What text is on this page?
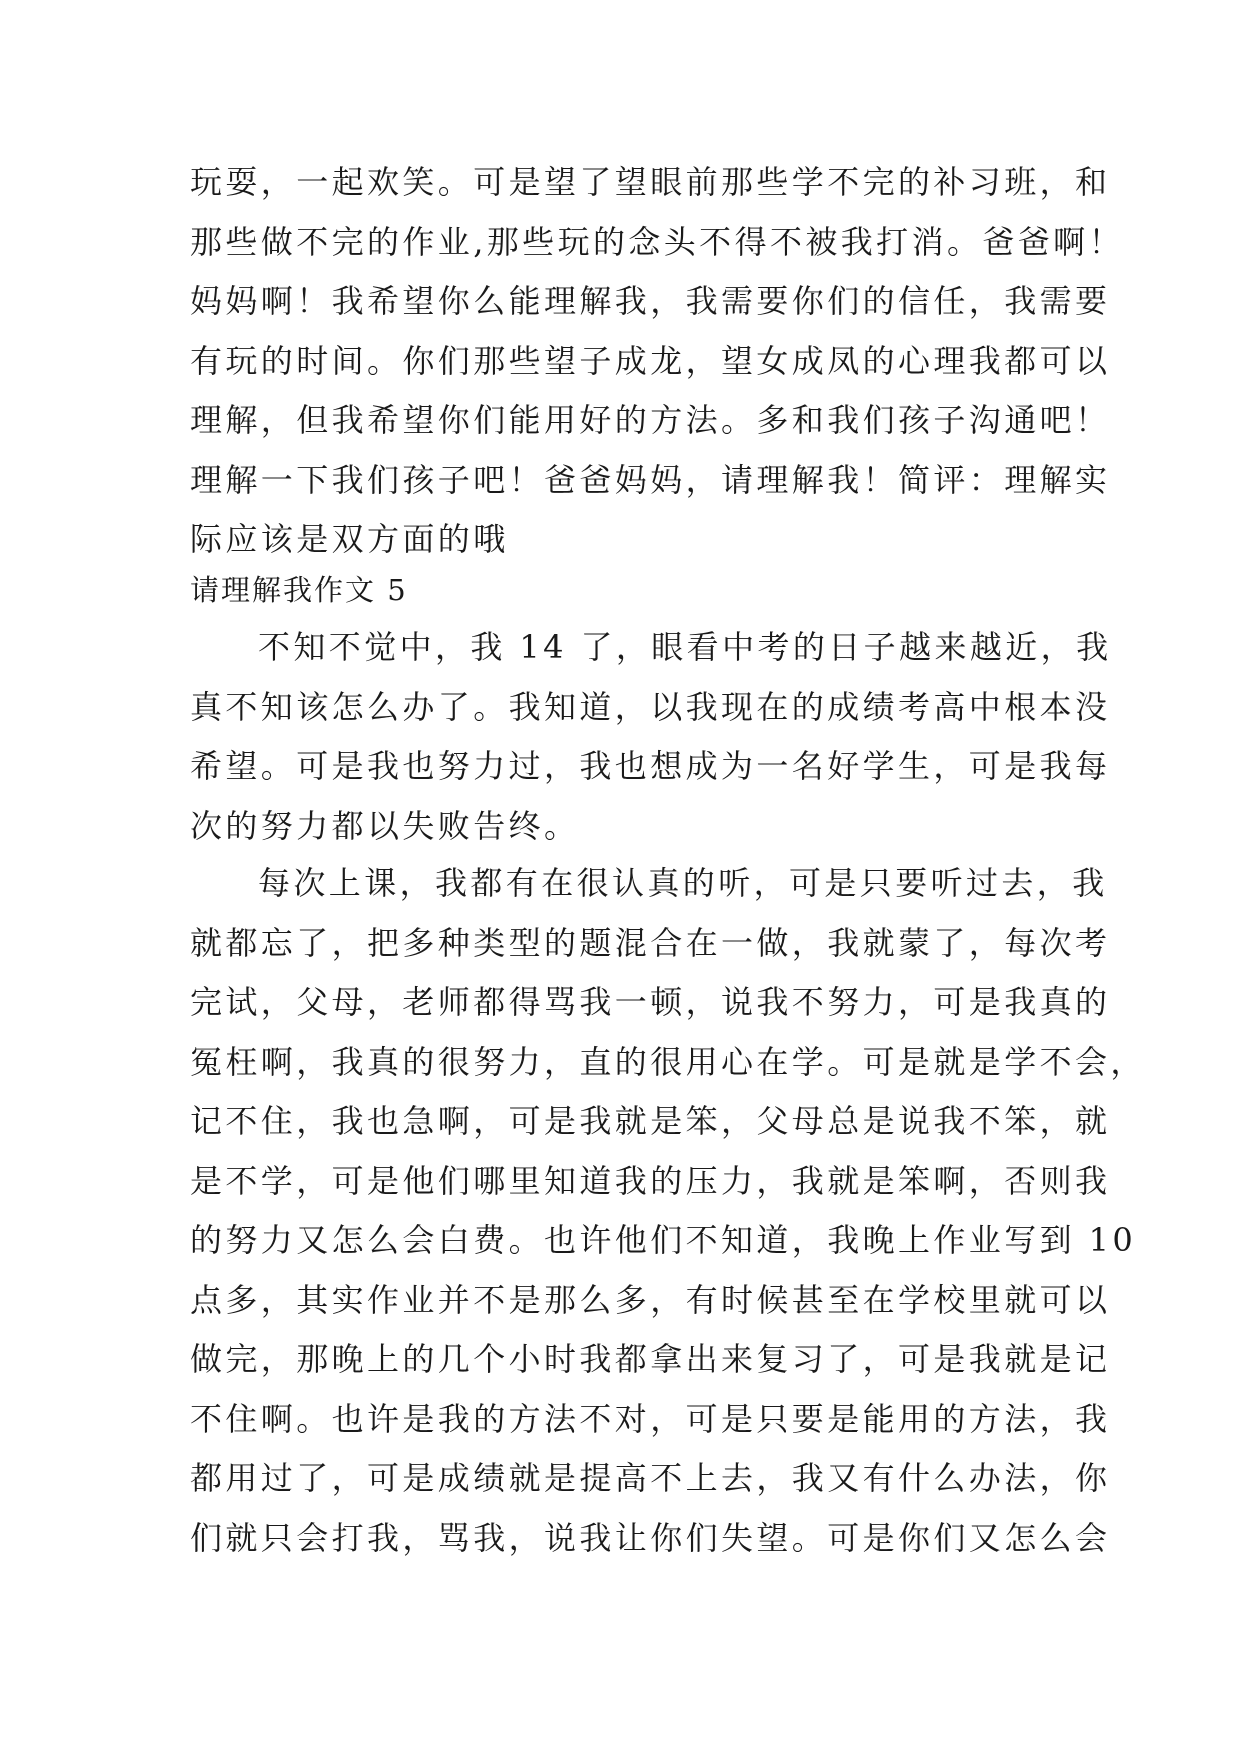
玩耍，一起欢笑。可是望了望眼前那些学不完的补习班，和
那些做不完的作业,那些玩的念头不得不被我打消。爸爸啊！
妈妈啊！我希望你么能理解我，我需要你们的信任，我需要
有玩的时间。你们那些望子成龙，望女成凤的心理我都可以
理解，但我希望你们能用好的方法。多和我们孩子沟通吧！
理解一下我们孩子吧！爸爸妈妈，请理解我！简评：理解实
际应该是双方面的哦
请理解我作文 5
不知不觉中，我 14 了，眼看中考的日子越来越近，我
真不知该怎么办了。我知道，以我现在的成绩考高中根本没
希望。可是我也努力过，我也想成为一名好学生，可是我每
次的努力都以失败告终。
每次上课，我都有在很认真的听，可是只要听过去，我
就都忘了，把多种类型的题混合在一做，我就蒙了，每次考
完试，父母，老师都得骂我一顿，说我不努力，可是我真的
冤枉啊，我真的很努力，直的很用心在学。可是就是学不会，
记不住，我也急啊，可是我就是笨，父母总是说我不笨，就
是不学，可是他们哪里知道我的压力，我就是笨啊，否则我
的努力又怎么会白费。也许他们不知道，我晚上作业写到 10
点多，其实作业并不是那么多，有时候甚至在学校里就可以
做完，那晚上的几个小时我都拿出来复习了，可是我就是记
不住啊。也许是我的方法不对，可是只要是能用的方法，我
都用过了，可是成绩就是提高不上去，我又有什么办法，你
们就只会打我，骂我，说我让你们失望。可是你们又怎么会
